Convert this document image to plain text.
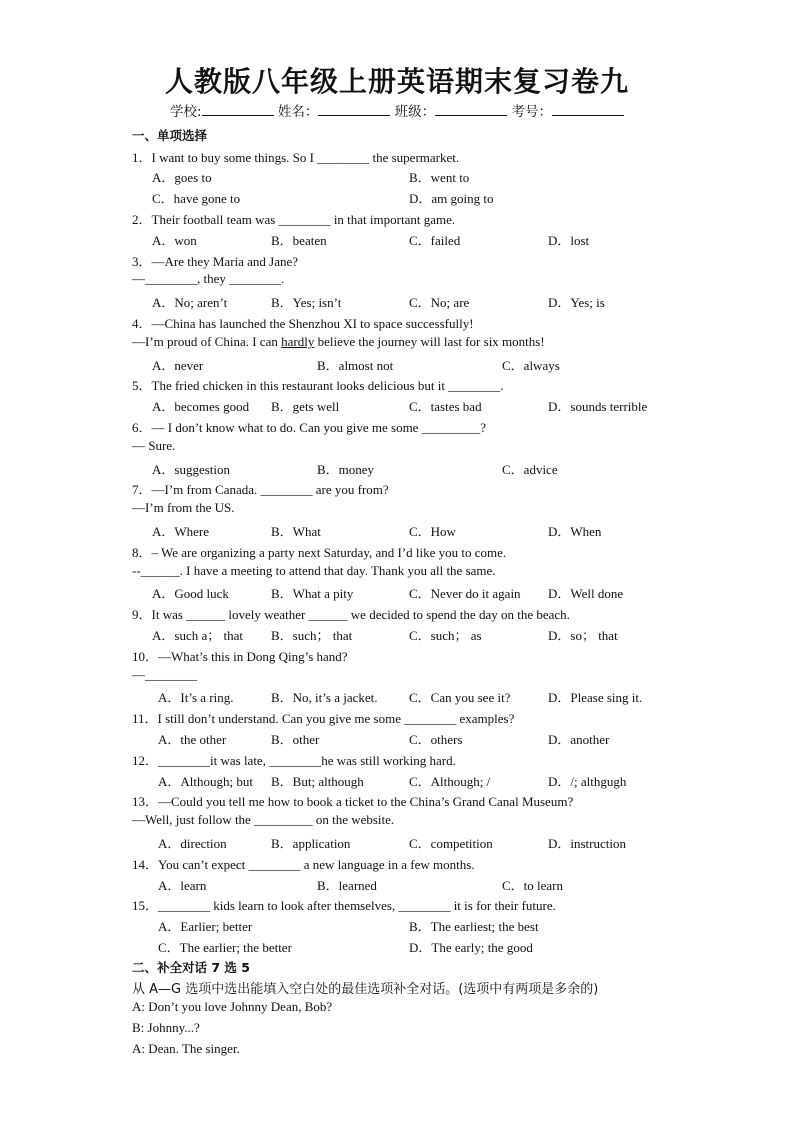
人教版八年级上册英语期末复习卷九
学校:	姓名：	班级：	考号：
一、单项选择
1．I want to buy some things. So I ________ the supermarket.
A．goes to	B．went to
C．have gone to	D．am going to
2．Their football team was ________ in that important game.
A．won	B．beaten	C．failed	D．lost
3．—Are they Maria and Jane?
—________, they ________.
A．No; aren’t	B．Yes; isn’t	C．No; are	D．Yes; is
4．—China has launched the Shenzhou XI to space successfully!
—I’m proud of China. I can hardly believe the journey will last for six months!
A．never	B．almost not	C．always
5．The fried chicken in this restaurant looks delicious but it ________.
A．becomes good B．gets well	C．tastes bad	D．sounds terrible
6．— I don’t know what to do. Can you give me some _________?
— Sure.
A．suggestion	B．money	C．advice
7．—I’m from Canada. ________ are you from?
—I’m from the US.
A．Where	B．What	C．How	D．When
8．– We are organizing a party next Saturday, and I’d like you to come.
--______. I have a meeting to attend that day. Thank you all the same.
A．Good luck	B．What a pity	C．Never do it again D．Well done
9．It was ______ lovely weather ______ we decided to spend the day on the beach.
A．such a； that B．such； that	C．such； as	D．so； that
10．—What’s this in Dong Qing’s hand?
—________
A．It’s a ring.	B．No, it’s a jacket. C．Can you see it?	D．Please sing it.
11．I still don’t understand. Can you give me some ________ examples?
A．the other	B．other	C．others	D．another
12．________it was late, ________he was still working hard.
A．Although; but B．But; although	C．Although; /	D．/; althgugh
13．—Could you tell me how to book a ticket to the China’s Grand Canal Museum?
—Well, just follow the _________ on the website.
A．direction	B．application	C．competition	D．instruction
14．You can’t expect ________ a new language in a few months.
A．learn	B．learned	C．to learn
15．________ kids learn to look after themselves, ________ it is for their future.
A．Earlier; better	B．The earliest; the best
C．The earlier; the better	D．The early; the good
二、补全对话 7 选 5
从 A—G 选项中选出能填入空白处的最佳选项补全对话。(选项中有两项是多余的)
A: Don’t you love Johnny Dean, Bob?
B: Johnny...?
A: Dean. The singer.
